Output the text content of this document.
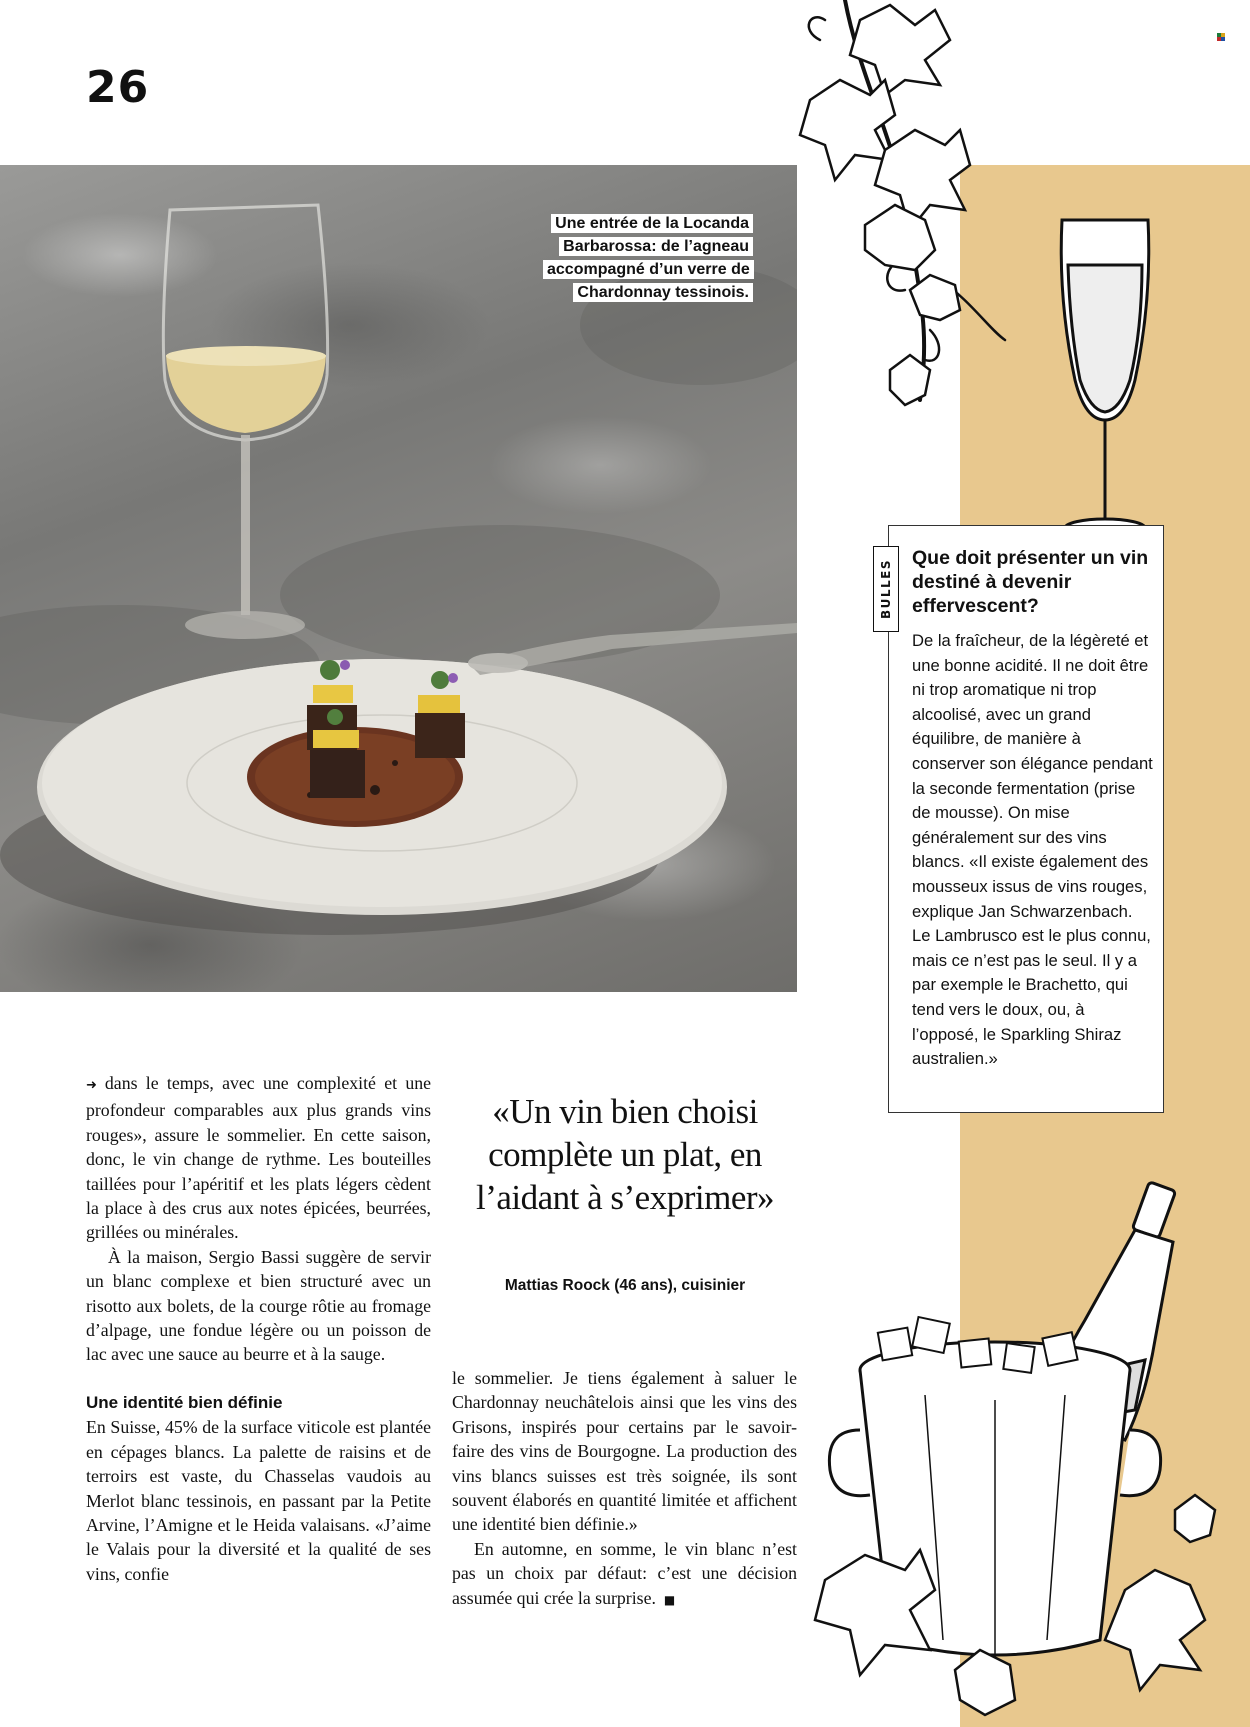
26
Une entrée de la Locanda Barbarossa: de l’agneau accompagné d’un verre de Chardonnay tessinois.
BULLES
Que doit présenter un vin destiné à devenir effervescent?
De la fraîcheur, de la légèreté et une bonne acidité. Il ne doit être ni trop aromatique ni trop alcoolisé, avec un grand équilibre, de manière à conserver son élégance pendant la seconde fermentation (prise de mousse). On mise généralement sur des vins blancs. «Il existe également des mousseux issus de vins rouges, explique Jan Schwarzenbach. Le Lambrusco est le plus connu, mais ce n’est pas le seul. Il y a par exemple le Brachetto, qui tend vers le doux, ou, à l’opposé, le Sparkling Shiraz australien.»

➜ dans le temps, avec une complexité et une profondeur comparables aux plus grands vins rouges», assure le sommelier. En cette saison, donc, le vin change de rythme. Les bouteilles taillées pour l’apéritif et les plats légers cèdent la place à des crus aux notes épicées, beurrées, grillées ou minérales.

À la maison, Sergio Bassi suggère de servir un blanc complexe et bien structuré avec un risotto aux bolets, de la courge rôtie au fromage d’alpage, une fondue légère ou un poisson de lac avec une sauce au beurre et à la sauge.

Une identité bien définie

En Suisse, 45% de la surface viticole est plantée en cépages blancs. La palette de raisins et de terroirs est vaste, du Chasselas vaudois au Merlot blanc tessinois, en passant par la Petite Arvine, l’Amigne et le Heida valaisans. «J’aime le Valais pour la diversité et la qualité de ses vins, confie

«Un vin bien choisi complète un plat, en l’aidant à s’exprimer»
Mattias Roock (46 ans), cuisinier

le sommelier. Je tiens également à saluer le Chardonnay neuchâtelois ainsi que les vins des Grisons, inspirés pour certains par le savoir-faire des vins de Bourgogne. La production des vins blancs suisses est très soignée, ils sont souvent élaborés en quantité limitée et affichent une identité bien définie.»

En automne, en somme, le vin blanc n’est pas un choix par défaut: c’est une décision assumée qui crée la surprise. ■
